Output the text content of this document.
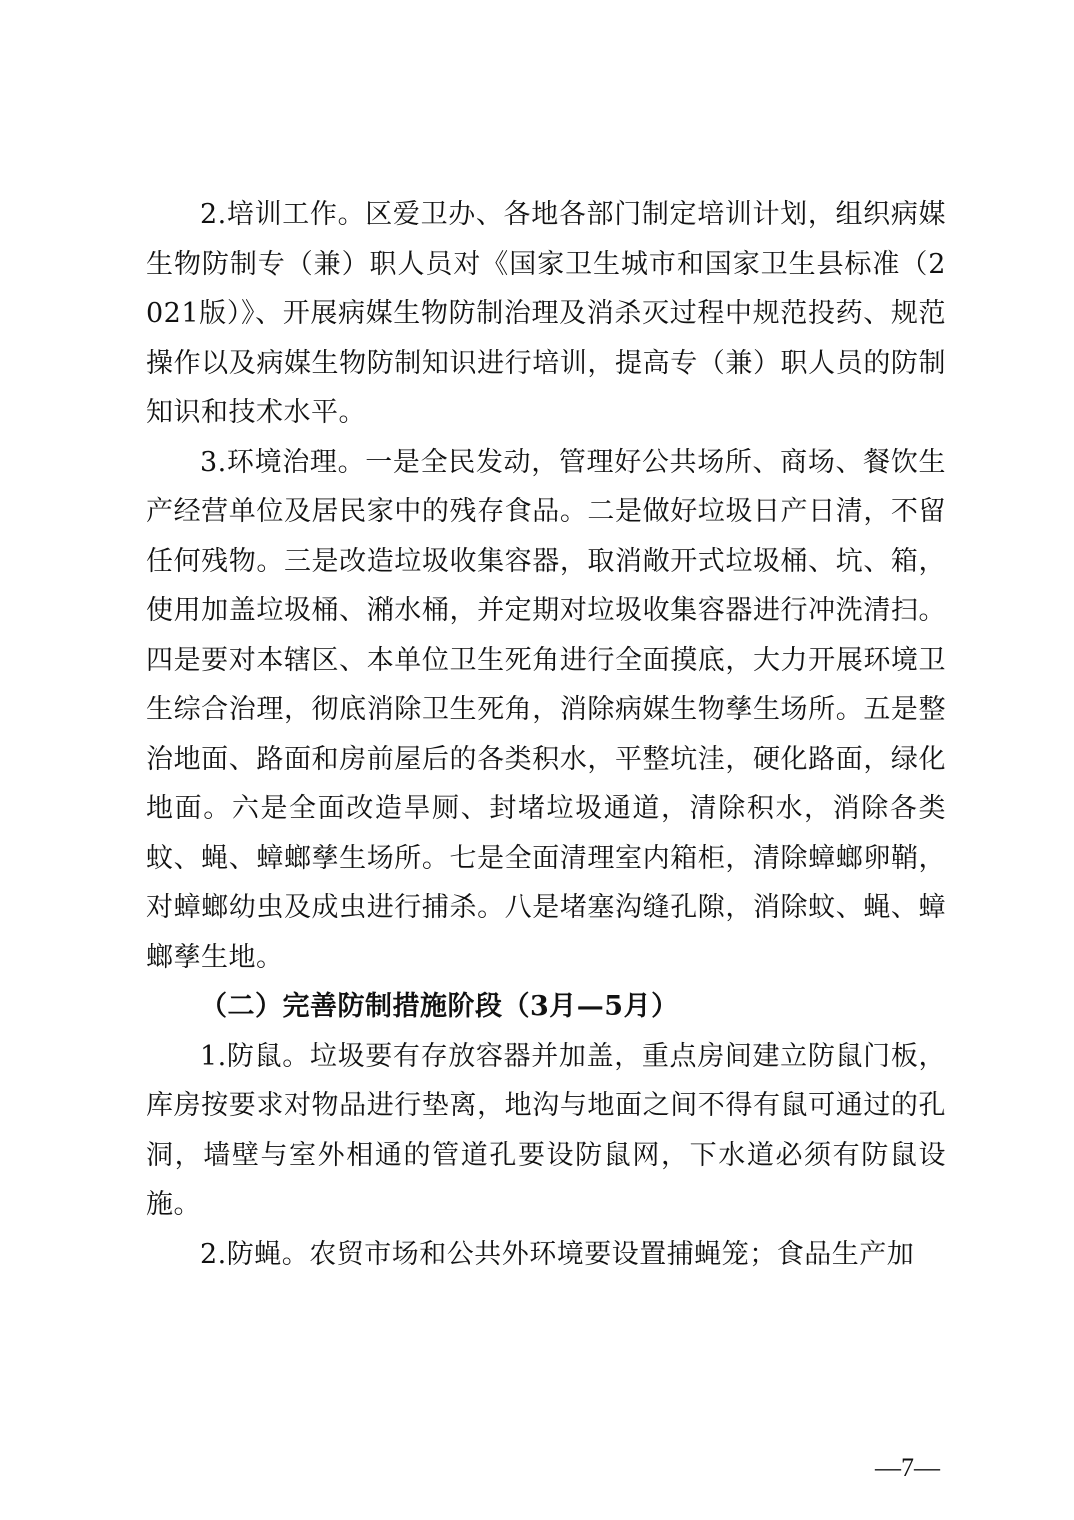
2.培训工作。区爱卫办、各地各部门制定培训计划，组织病媒生物防制专（兼）职人员对《国家卫生城市和国家卫生县标准（2021版）》、开展病媒生物防制治理及消杀灭过程中规范投药、规范操作以及病媒生物防制知识进行培训，提高专（兼）职人员的防制知识和技术水平。

3.环境治理。一是全民发动，管理好公共场所、商场、餐饮生产经营单位及居民家中的残存食品。二是做好垃圾日产日清，不留任何残物。三是改造垃圾收集容器，取消敞开式垃圾桶、坑、箱，使用加盖垃圾桶、潲水桶，并定期对垃圾收集容器进行冲洗清扫。四是要对本辖区、本单位卫生死角进行全面摸底，大力开展环境卫生综合治理，彻底消除卫生死角，消除病媒生物孳生场所。五是整治地面、路面和房前屋后的各类积水，平整坑洼，硬化路面，绿化地面。六是全面改造旱厕、封堵垃圾通道，清除积水，消除各类蚊、蝇、蟑螂孳生场所。七是全面清理室内箱柜，清除蟑螂卵鞘，对蟑螂幼虫及成虫进行捕杀。八是堵塞沟缝孔隙，消除蚊、蝇、蟑螂孳生地。

（二）完善防制措施阶段（3月—5月）

1.防鼠。垃圾要有存放容器并加盖，重点房间建立防鼠门板，库房按要求对物品进行垫离，地沟与地面之间不得有鼠可通过的孔洞，墙壁与室外相通的管道孔要设防鼠网，下水道必须有防鼠设施。

2.防蝇。农贸市场和公共外环境要设置捕蝇笼；食品生产加

—7—
